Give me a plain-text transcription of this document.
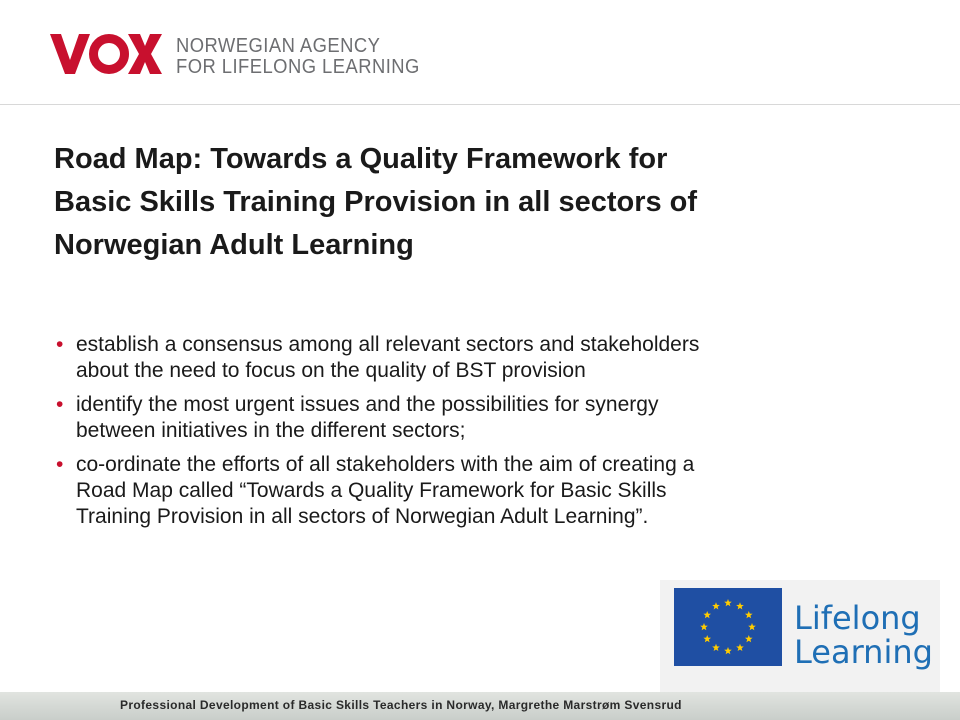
NORWEGIAN AGENCY
FOR LIFELONG LEARNING
Road Map: Towards a Quality Framework for
Basic Skills Training Provision in all sectors of
Norwegian Adult Learning
• establish a consensus among all relevant sectors and stakeholders
about the need to focus on the quality of BST provision
• identify the most urgent issues and the possibilities for synergy
between initiatives in the different sectors;
• co-ordinate the efforts of all stakeholders with the aim of creating a
Road Map called “Towards a Quality Framework for Basic Skills
Training Provision in all sectors of Norwegian Adult Learning”.
Lifelong
Learning
Professional Development of Basic Skills Teachers in Norway, Margrethe Marstrøm Svensrud
